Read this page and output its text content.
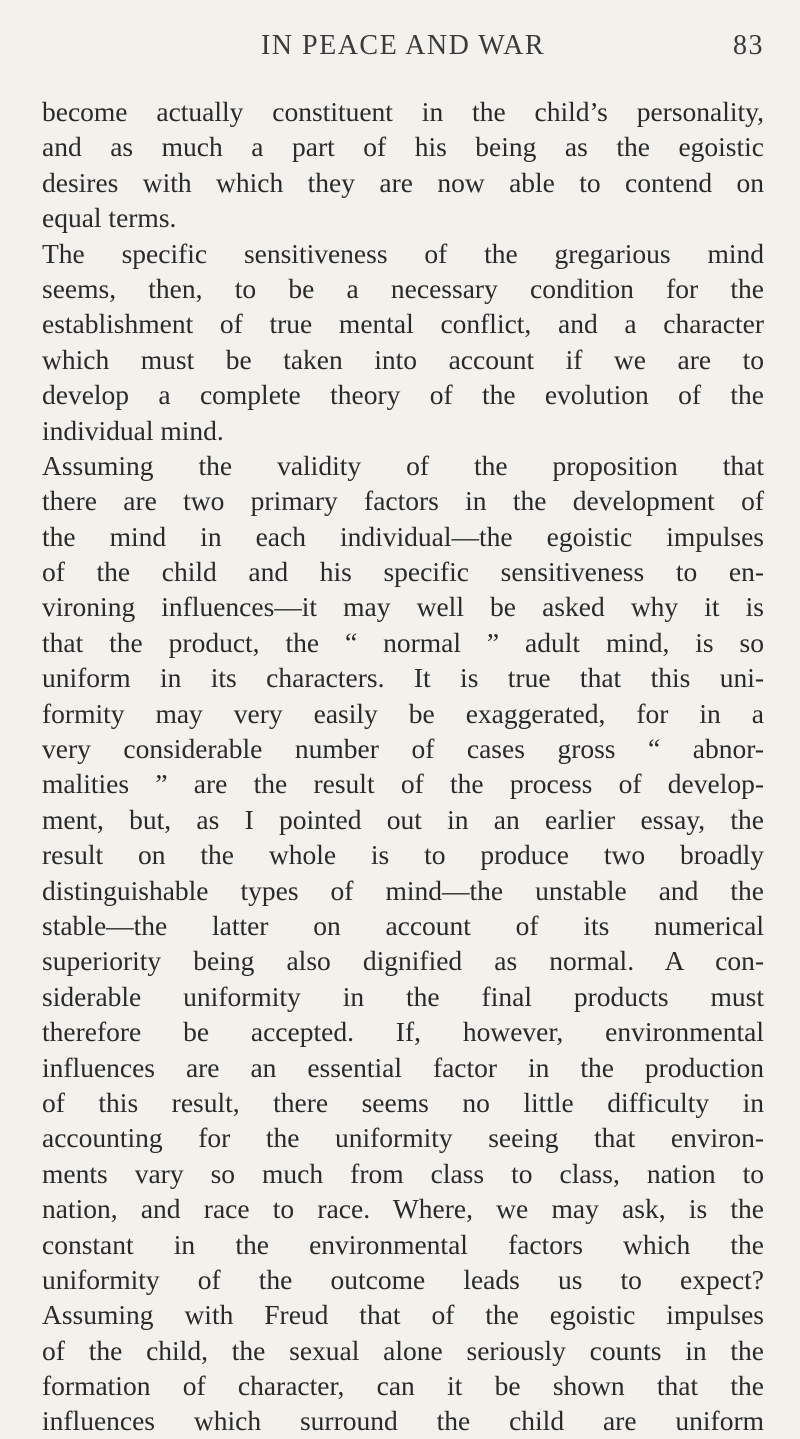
IN PEACE AND WAR	83
become actually constituent in the child’s personality,
and as much a part of his being as the egoistic
desires with which they are now able to contend on
equal terms.
The specific sensitiveness of the gregarious mind
seems, then, to be a necessary condition for the
establishment of true mental conflict, and a character
which must be taken into account if we are to
develop a complete theory of the evolution of the
individual mind.
Assuming the validity of the proposition that
there are two primary factors in the development of
the mind in each individual—the egoistic impulses
of the child and his specific sensitiveness to en-
vironing influences—it may well be asked why it is
that the product, the “ normal ” adult mind, is so
uniform in its characters. It is true that this uni-
formity may very easily be exaggerated, for in a
very considerable number of cases gross “ abnor-
malities ” are the result of the process of develop-
ment, but, as I pointed out in an earlier essay, the
result on the whole is to produce two broadly
distinguishable types of mind—the unstable and the
stable—the latter on account of its numerical
superiority being also dignified as normal. A con-
siderable uniformity in the final products must
therefore be accepted. If, however, environmental
influences are an essential factor in the production
of this result, there seems no little difficulty in
accounting for the uniformity seeing that environ-
ments vary so much from class to class, nation to
nation, and race to race. Where, we may ask, is the
constant in the environmental factors which the
uniformity of the outcome leads us to expect?
Assuming with Freud that of the egoistic impulses
of the child, the sexual alone seriously counts in the
formation of character, can it be shown that the
influences which surround the child are uniform
